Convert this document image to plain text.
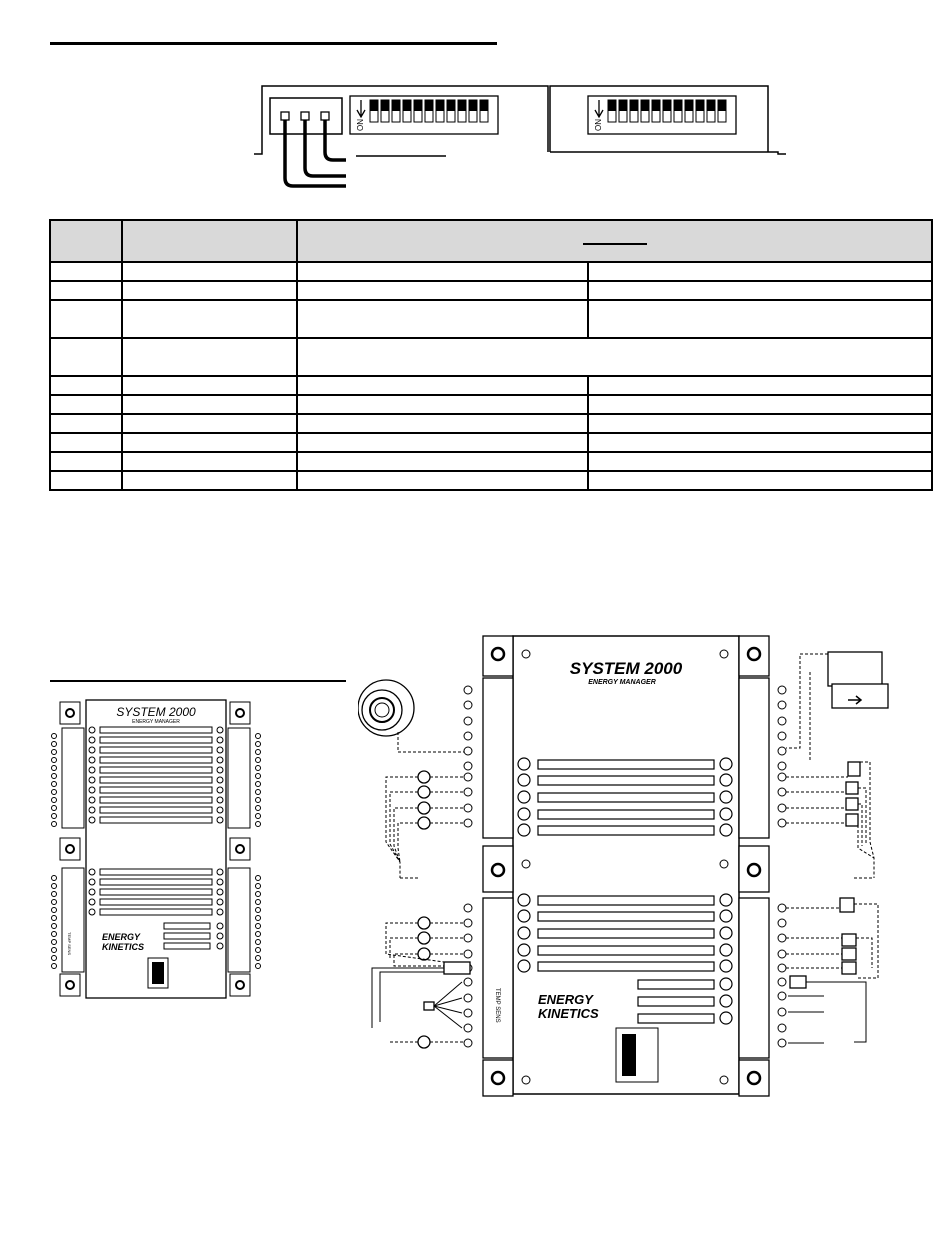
ON	ON

SYSTEM 2000
ENERGY MANAGER
ENERGY
KINETICS
TEMP SENS
SYSTEM 2000
ENERGY MANAGER
ENERGY
KINETICS
TEMP SENS
